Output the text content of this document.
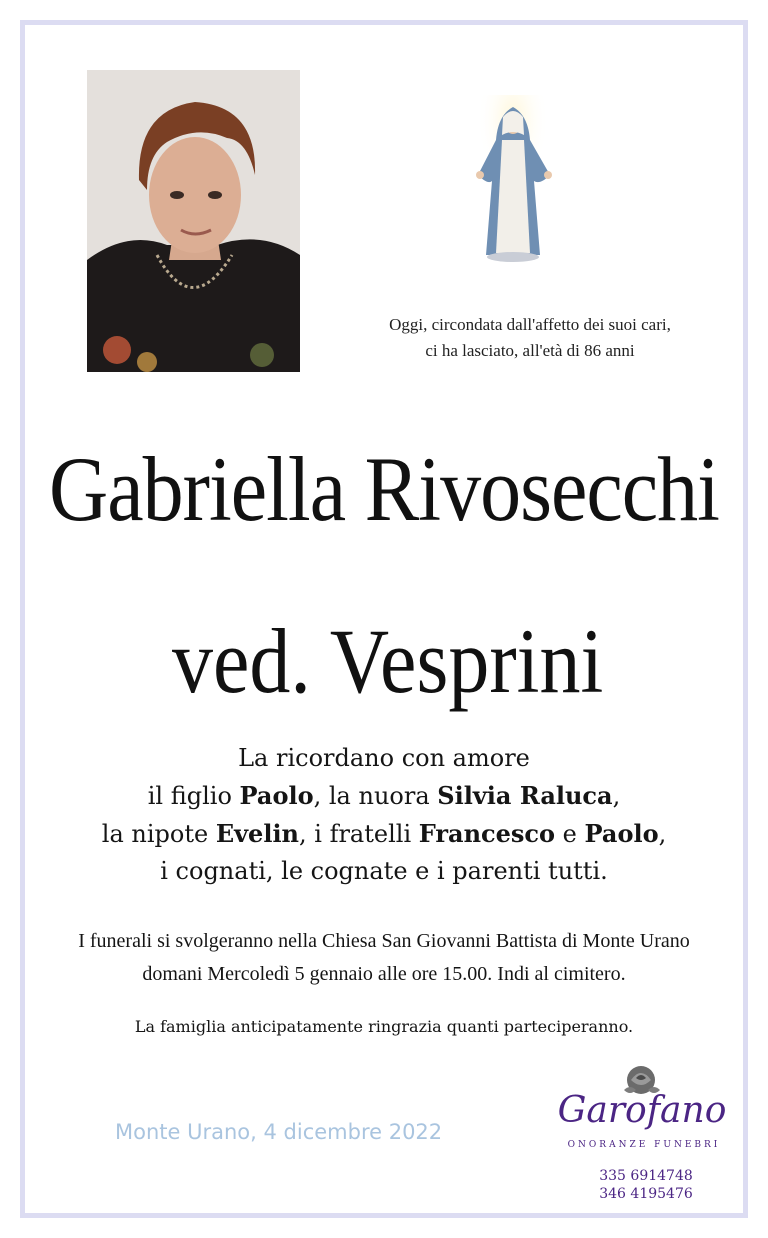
Oggi, circondata dall'affetto dei suoi cari,
ci ha lasciato, all'età di 86 anni
Gabriella Rivosecchi
ved. Vesprini
La ricordano con amore
il figlio Paolo, la nuora Silvia Raluca,
la nipote Evelin, i fratelli Francesco e Paolo,
i cognati, le cognate e i parenti tutti.
I funerali si svolgeranno nella Chiesa San Giovanni Battista di Monte Urano
domani Mercoledì 5 gennaio alle ore 15.00. Indi al cimitero.
La famiglia anticipatamente ringrazia quanti parteciperanno.
Monte Urano, 4 dicembre 2022
Garofano
ONORANZE FUNEBRI
335 6914748
346 4195476
